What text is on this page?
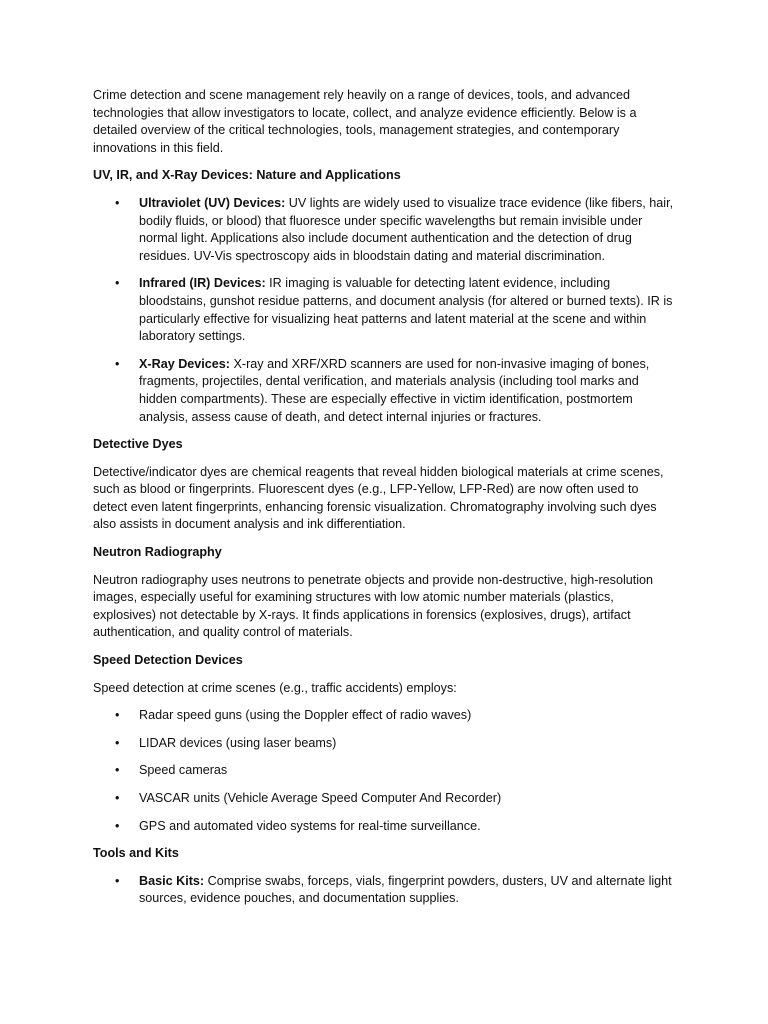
Crime detection and scene management rely heavily on a range of devices, tools, and advanced technologies that allow investigators to locate, collect, and analyze evidence efficiently. Below is a detailed overview of the critical technologies, tools, management strategies, and contemporary innovations in this field.

UV, IR, and X-Ray Devices: Nature and Applications
• Ultraviolet (UV) Devices: UV lights are widely used to visualize trace evidence (like fibers, hair, bodily fluids, or blood) that fluoresce under specific wavelengths but remain invisible under normal light. Applications also include document authentication and the detection of drug residues. UV-Vis spectroscopy aids in bloodstain dating and material discrimination.
• Infrared (IR) Devices: IR imaging is valuable for detecting latent evidence, including bloodstains, gunshot residue patterns, and document analysis (for altered or burned texts). IR is particularly effective for visualizing heat patterns and latent material at the scene and within laboratory settings.
• X-Ray Devices: X-ray and XRF/XRD scanners are used for non-invasive imaging of bones, fragments, projectiles, dental verification, and materials analysis (including tool marks and hidden compartments). These are especially effective in victim identification, postmortem analysis, assess cause of death, and detect internal injuries or fractures.
Detective Dyes

Detective/indicator dyes are chemical reagents that reveal hidden biological materials at crime scenes, such as blood or fingerprints. Fluorescent dyes (e.g., LFP-Yellow, LFP-Red) are now often used to detect even latent fingerprints, enhancing forensic visualization. Chromatography involving such dyes also assists in document analysis and ink differentiation.

Neutron Radiography

Neutron radiography uses neutrons to penetrate objects and provide non-destructive, high-resolution images, especially useful for examining structures with low atomic number materials (plastics, explosives) not detectable by X-rays. It finds applications in forensics (explosives, drugs), artifact authentication, and quality control of materials.

Speed Detection Devices

Speed detection at crime scenes (e.g., traffic accidents) employs:

• Radar speed guns (using the Doppler effect of radio waves)
• LIDAR devices (using laser beams)
• Speed cameras
• VASCAR units (Vehicle Average Speed Computer And Recorder)
• GPS and automated video systems for real-time surveillance.
Tools and Kits
• Basic Kits: Comprise swabs, forceps, vials, fingerprint powders, dusters, UV and alternate light sources, evidence pouches, and documentation supplies.
